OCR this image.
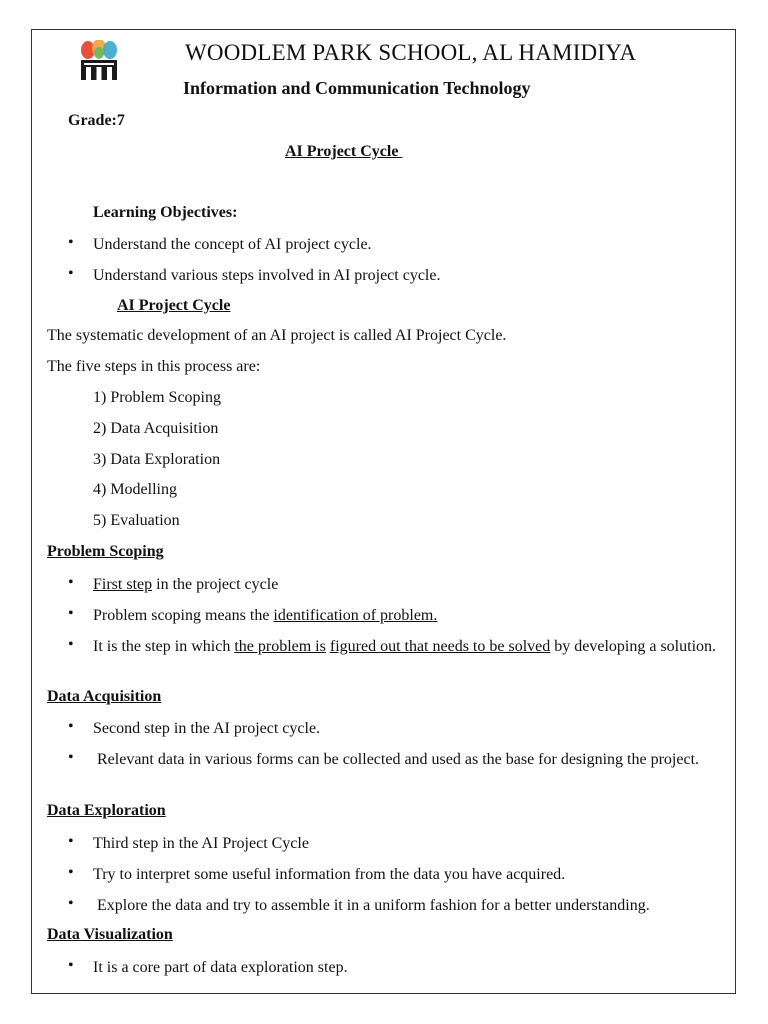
WOODLEM PARK SCHOOL, AL HAMIDIYA
Information and Communication Technology
Grade:7
AI Project Cycle
Learning Objectives:
• Understand the concept of AI project cycle.
• Understand various steps involved in AI project cycle.
AI Project Cycle
The systematic development of an AI project is called AI Project Cycle.
The five steps in this process are:
1) Problem Scoping
2) Data Acquisition
3) Data Exploration
4) Modelling
5) Evaluation
Problem Scoping
• First step in the project cycle
• Problem scoping means the identification of problem.
• It is the step in which the problem is figured out that needs to be solved by developing a solution.
Data Acquisition
• Second step in the AI project cycle.
• Relevant data in various forms can be collected and used as the base for designing the project.
Data Exploration
• Third step in the AI Project Cycle
• Try to interpret some useful information from the data you have acquired.
• Explore the data and try to assemble it in a uniform fashion for a better understanding.
Data Visualization
• It is a core part of data exploration step.
